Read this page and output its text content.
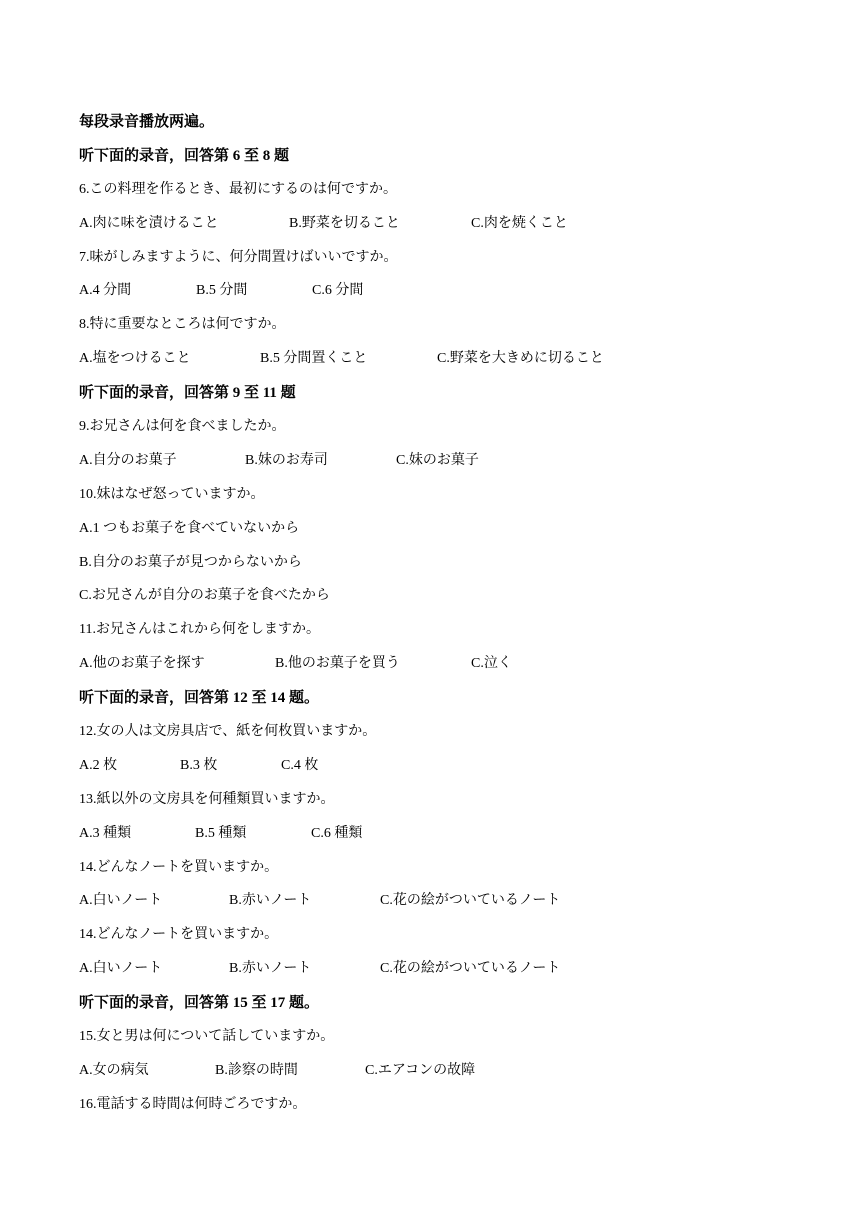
每段录音播放两遍。
听下面的录音，回答第 6 至 8 题
6.この料理を作るとき、最初にするのは何ですか。
A.肉に味を漬けること	B.野菜を切ること	C.肉を焼くこと
7.味がしみますように、何分間置けばいいですか。
A.4 分間	B.5 分間	C.6 分間
8.特に重要なところは何ですか。
A.塩をつけること	B.5 分間置くこと	C.野菜を大きめに切ること
听下面的录音，回答第 9 至 11 题
9.お兄さんは何を食べましたか。
A.自分のお菓子	B.妹のお寿司	C.妹のお菓子
10.妹はなぜ怒っていますか。
A.1 つもお菓子を食べていないから
B.自分のお菓子が見つからないから
C.お兄さんが自分のお菓子を食べたから
11.お兄さんはこれから何をしますか。
A.他のお菓子を探す	B.他のお菓子を買う	C.泣く
听下面的录音，回答第 12 至 14 题。
12.女の人は文房具店で、紙を何枚買いますか。
A.2 枚	B.3 枚	C.4 枚
13.紙以外の文房具を何種類買いますか。
A.3 種類	B.5 種類	C.6 種類
14.どんなノートを買いますか。
A.白いノート	B.赤いノート	C.花の絵がついているノート
14.どんなノートを買いますか。
A.白いノート	B.赤いノート	C.花の絵がついているノート
听下面的录音，回答第 15 至 17 题。
15.女と男は何について話していますか。
A.女の病気	B.診察の時間	C.エアコンの故障
16.電話する時間は何時ごろですか。
